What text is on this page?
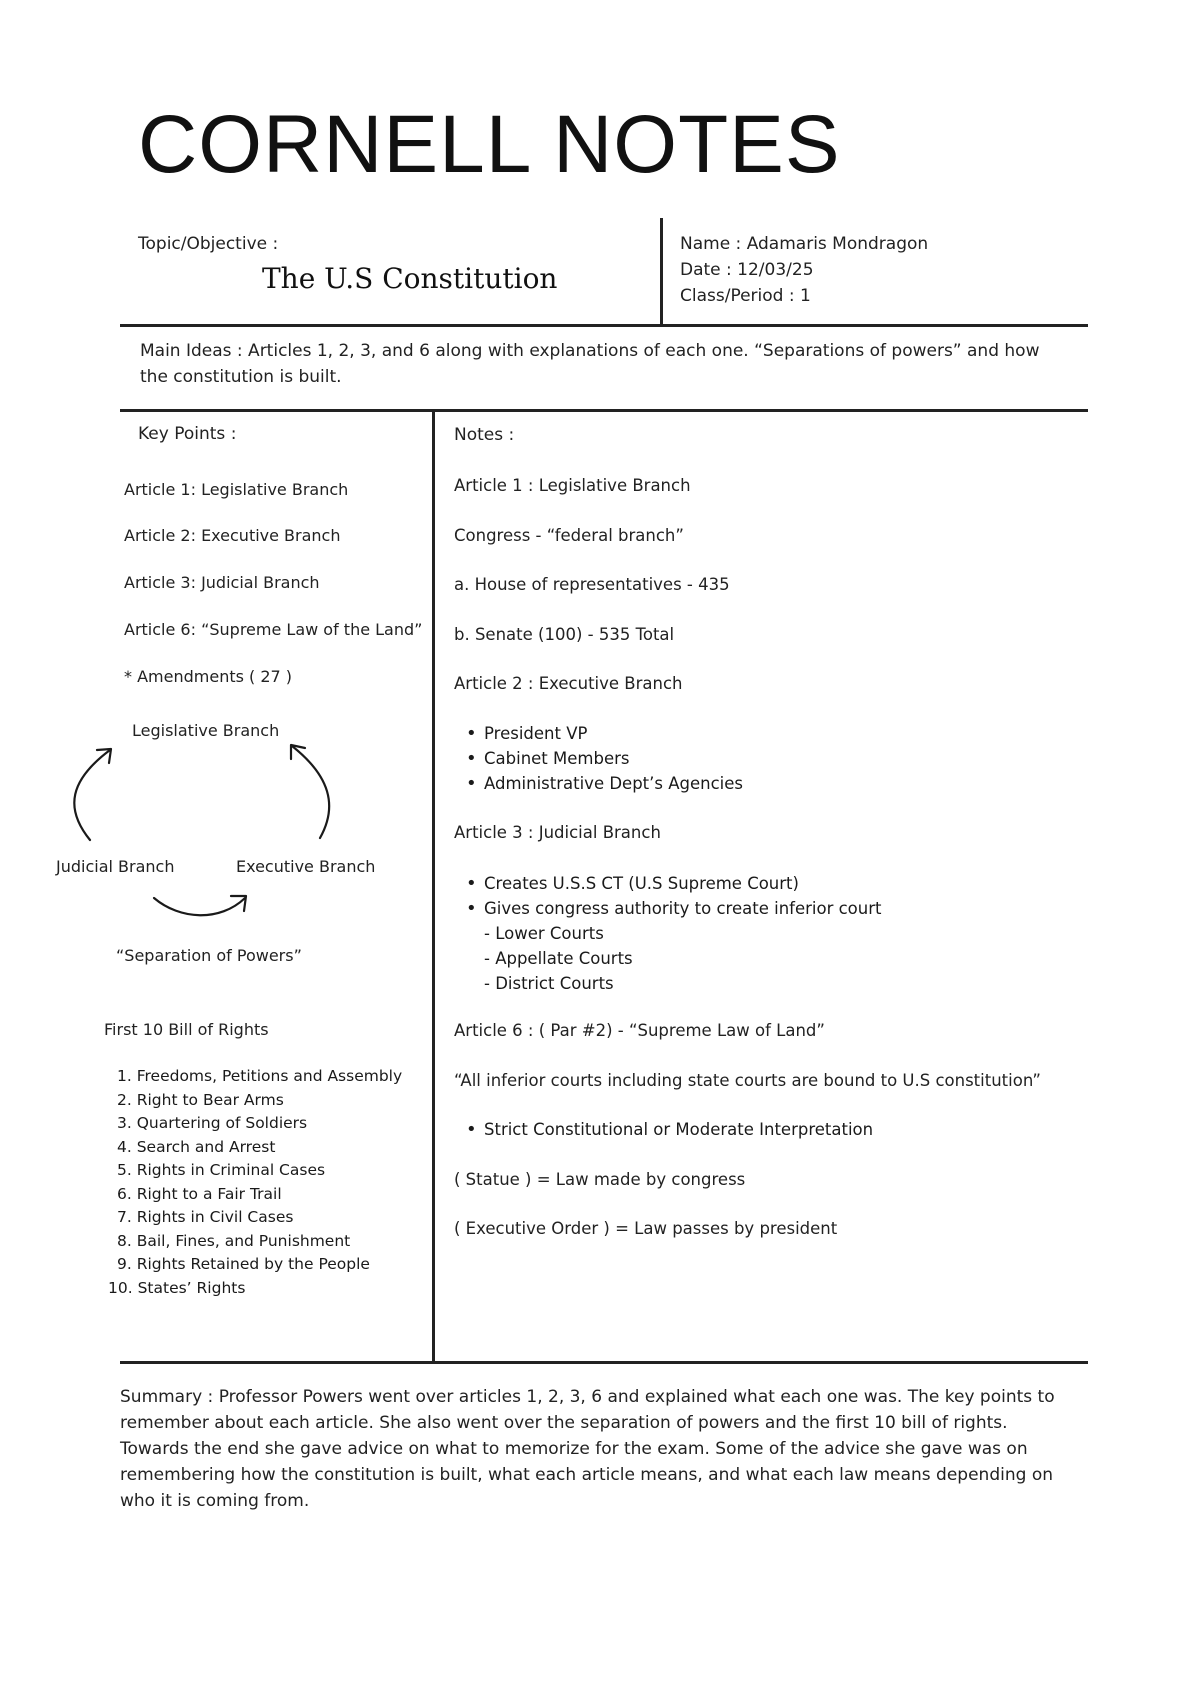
CORNELL NOTES
Topic/Objective :
The U.S Constitution
Name : Adamaris Mondragon
Date : 12/03/25
Class/Period : 1
Main Ideas : Articles 1, 2, 3, and 6 along with explanations of each one. “Separations of powers” and how the constitution is built.
Key Points :
Article 1: Legislative Branch
Article 2: Executive Branch
Article 3: Judicial Branch
Article 6: “Supreme Law of the Land”
* Amendments ( 27 )
Legislative Branch
Judicial Branch	Executive Branch
“Separation of Powers”
First 10 Bill of Rights
1. Freedoms, Petitions and Assembly
2. Right to Bear Arms
3. Quartering of Soldiers
4. Search and Arrest
5. Rights in Criminal Cases
6. Right to a Fair Trail
7. Rights in Civil Cases
8. Bail, Fines, and Punishment
9. Rights Retained by the People
10. States’ Rights
Notes :
Article 1 : Legislative Branch
Congress - “federal branch”
a. House of representatives - 435
b. Senate (100) - 535 Total
Article 2 : Executive Branch
• President VP
• Cabinet Members
• Administrative Dept’s Agencies
Article 3 : Judicial Branch
• Creates U.S.S CT (U.S Supreme Court)
• Gives congress authority to create inferior court
- Lower Courts
- Appellate Courts
- District Courts
Article 6 : ( Par #2) - “Supreme Law of Land”
“All inferior courts including state courts are bound to U.S constitution”
• Strict Constitutional or Moderate Interpretation
( Statue ) = Law made by congress
( Executive Order ) = Law passes by president
Summary : Professor Powers went over articles 1, 2, 3, 6 and explained what each one was. The key points to remember about each article. She also went over the separation of powers and the first 10 bill of rights. Towards the end she gave advice on what to memorize for the exam. Some of the advice she gave was on remembering how the constitution is built, what each article means, and what each law means depending on who it is coming from.
